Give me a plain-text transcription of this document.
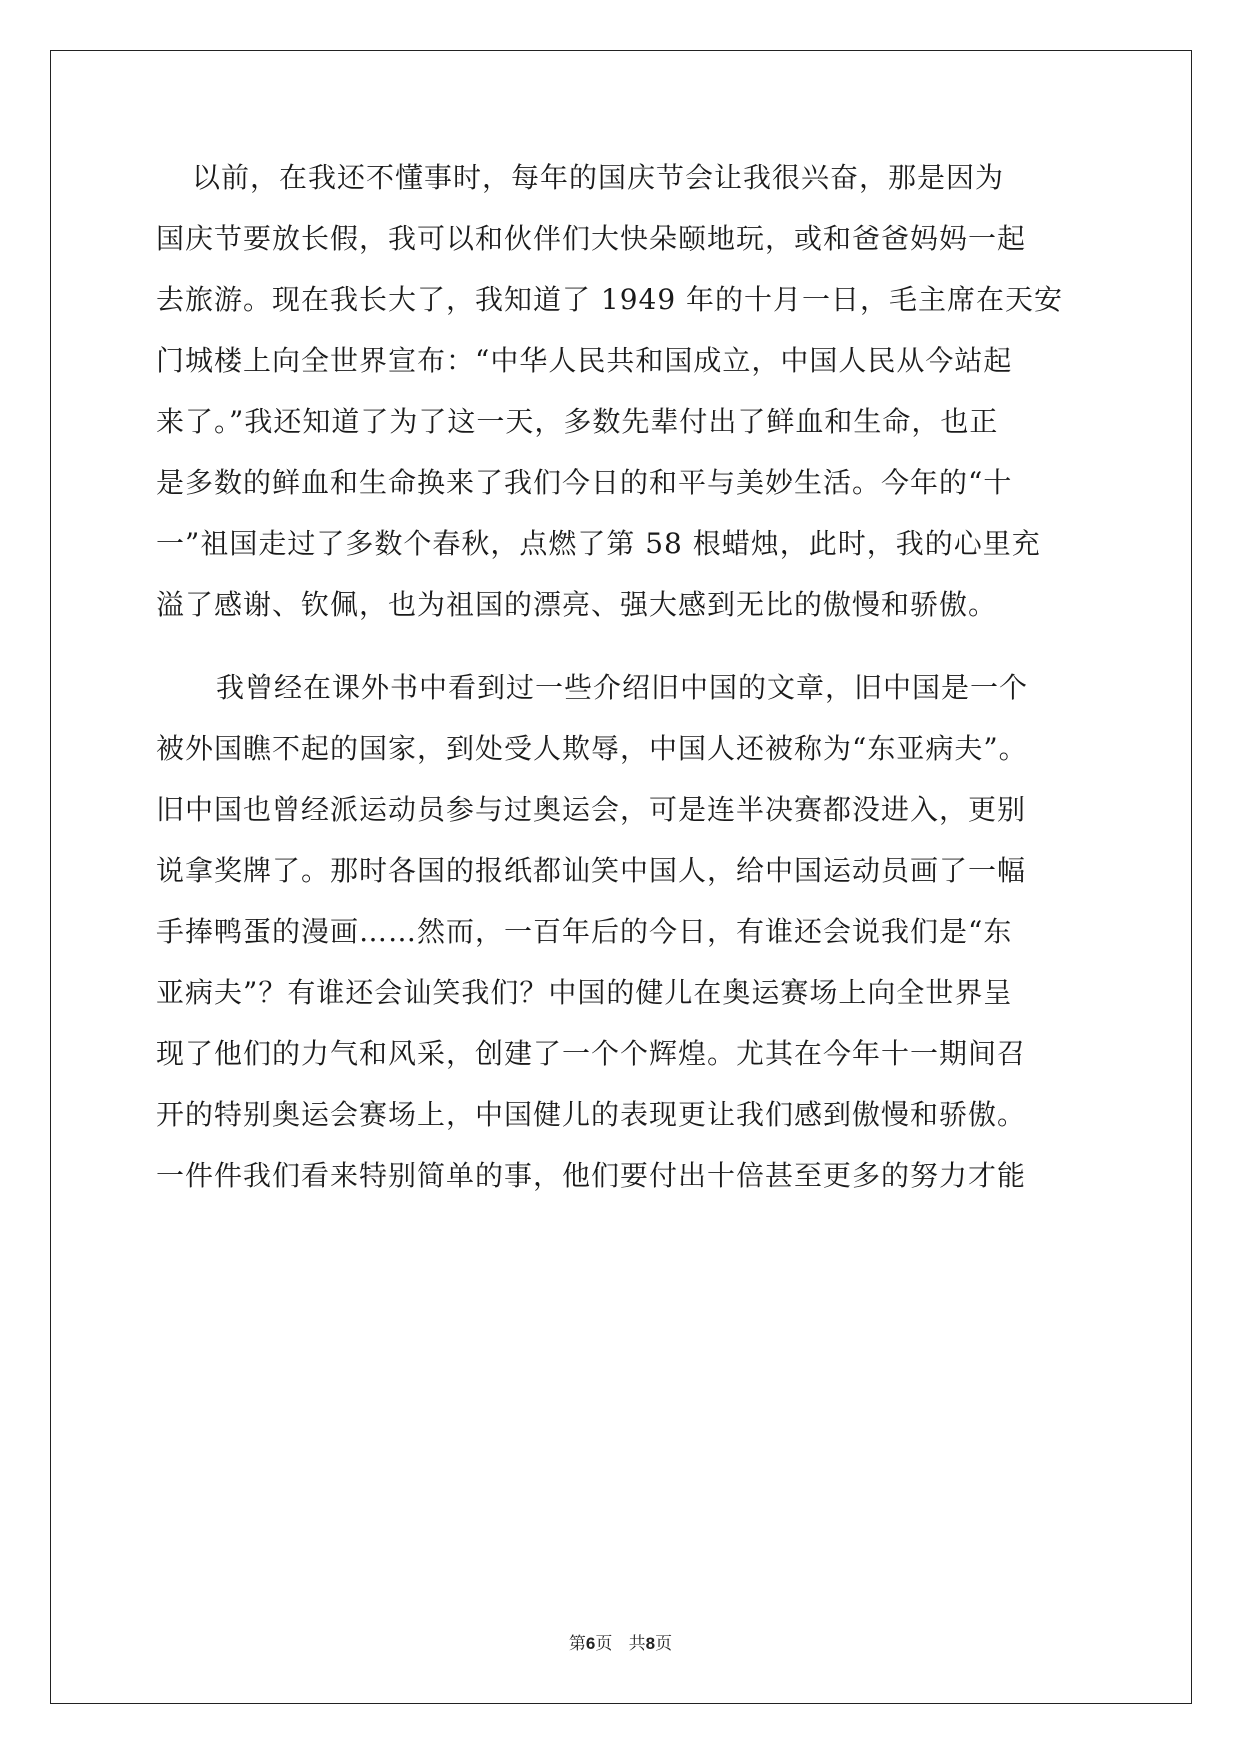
以前，在我还不懂事时，每年的国庆节会让我很兴奋，那是因为
国庆节要放长假，我可以和伙伴们大快朵颐地玩，或和爸爸妈妈一起
去旅游。现在我长大了，我知道了 1949 年的十月一日，毛主席在天安
门城楼上向全世界宣布：“中华人民共和国成立，中国人民从今站起
来了。”我还知道了为了这一天，多数先辈付出了鲜血和生命，也正
是多数的鲜血和生命换来了我们今日的和平与美妙生活。今年的“十
一”祖国走过了多数个春秋，点燃了第 58 根蜡烛，此时，我的心里充
溢了感谢、钦佩，也为祖国的漂亮、强大感到无比的傲慢和骄傲。
我曾经在课外书中看到过一些介绍旧中国的文章，旧中国是一个
被外国瞧不起的国家，到处受人欺辱，中国人还被称为“东亚病夫”。
旧中国也曾经派运动员参与过奥运会，可是连半决赛都没进入，更别
说拿奖牌了。那时各国的报纸都讪笑中国人，给中国运动员画了一幅
手捧鸭蛋的漫画……然而，一百年后的今日，有谁还会说我们是“东
亚病夫”？有谁还会讪笑我们？中国的健儿在奥运赛场上向全世界呈
现了他们的力气和风采，创建了一个个辉煌。尤其在今年十一期间召
开的特别奥运会赛场上，中国健儿的表现更让我们感到傲慢和骄傲。
一件件我们看来特别简单的事，他们要付出十倍甚至更多的努力才能
第6页 共8页
